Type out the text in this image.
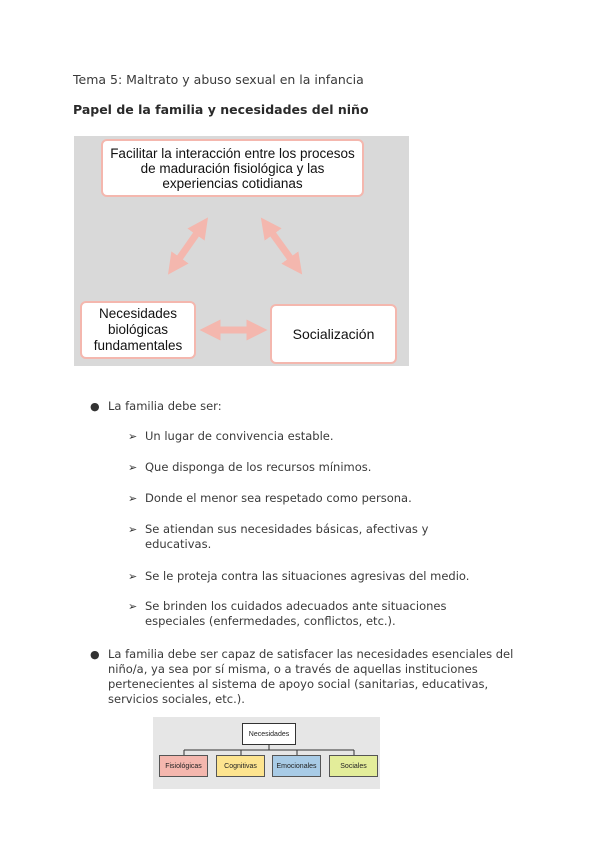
Tema 5: Maltrato y abuso sexual en la infancia
Papel de la familia y necesidades del niño
Facilitar la interacción entre los procesos de maduración fisiológica y las experiencias cotidianas
Necesidades biológicas fundamentales
Socialización
● La familia debe ser:
➢ Un lugar de convivencia estable.
➢ Que disponga de los recursos mínimos.
➢ Donde el menor sea respetado como persona.
➢ Se atiendan sus necesidades básicas, afectivas y educativas.
➢ Se le proteja contra las situaciones agresivas del medio.
➢ Se brinden los cuidados adecuados ante situaciones especiales (enfermedades, conflictos, etc.).
● La familia debe ser capaz de satisfacer las necesidades esenciales del niño/a, ya sea por sí misma, o a través de aquellas instituciones pertenecientes al sistema de apoyo social (sanitarias, educativas, servicios sociales, etc.).
Necesidades
Fisiológicas	Cognitivas	Emocionales	Sociales
